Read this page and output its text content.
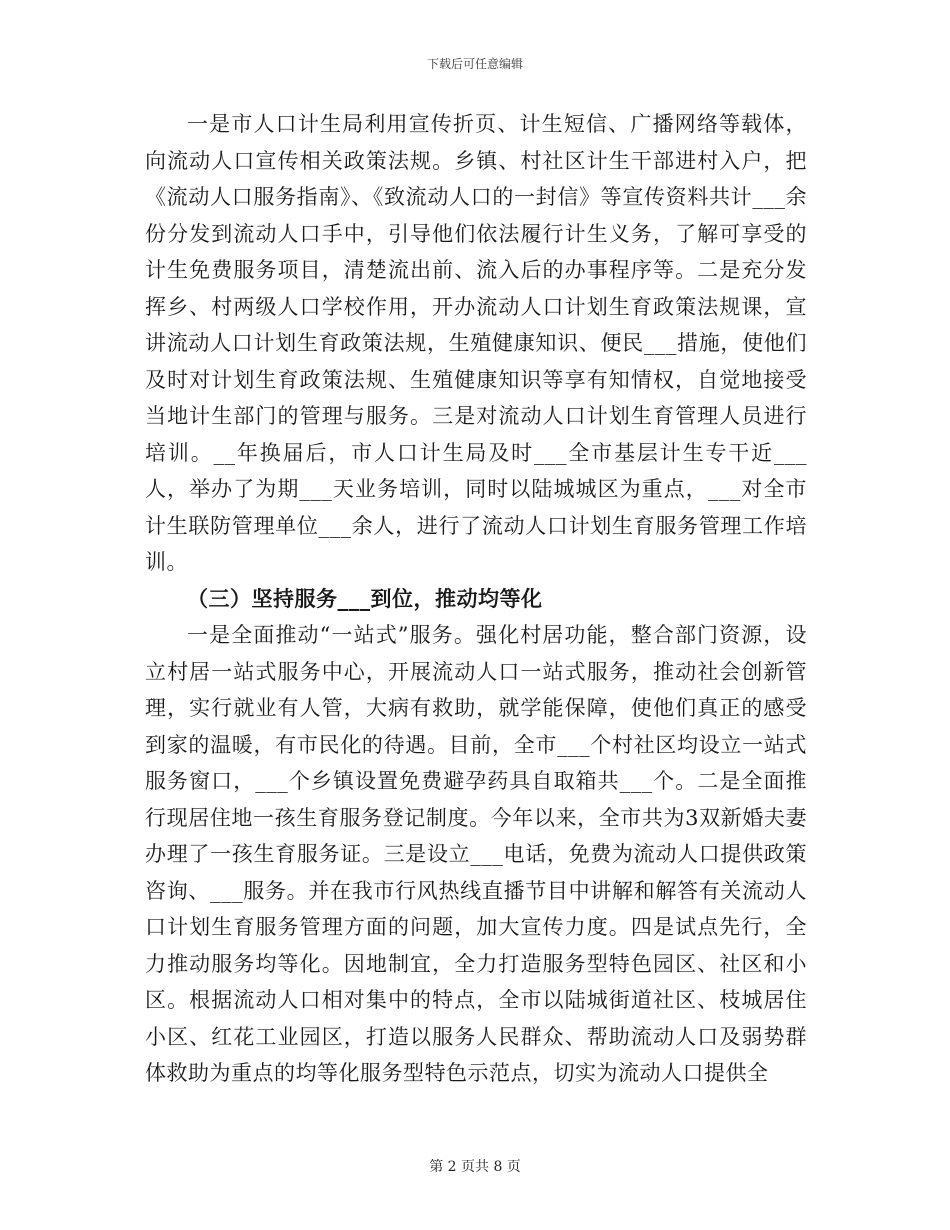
下载后可任意编辑

一是市人口计生局利用宣传折页、计生短信、广播网络等载体，向流动人口宣传相关政策法规。乡镇、村社区计生干部进村入户，把《流动人口服务指南》、《致流动人口的一封信》等宣传资料共计___余份分发到流动人口手中，引导他们依法履行计生义务，了解可享受的计生免费服务项目，清楚流出前、流入后的办事程序等。二是充分发挥乡、村两级人口学校作用，开办流动人口计划生育政策法规课，宣讲流动人口计划生育政策法规，生殖健康知识、便民___措施，使他们及时对计划生育政策法规、生殖健康知识等享有知情权，自觉地接受当地计生部门的管理与服务。三是对流动人口计划生育管理人员进行培训。__年换届后，市人口计生局及时___全市基层计生专干近___人，举办了为期___天业务培训，同时以陆城城区为重点，___对全市计生联防管理单位___余人，进行了流动人口计划生育服务管理工作培训。

（三）坚持服务___到位，推动均等化

一是全面推动“一站式”服务。强化村居功能，整合部门资源，设立村居一站式服务中心，开展流动人口一站式服务，推动社会创新管理，实行就业有人管，大病有救助，就学能保障，使他们真正的感受到家的温暖，有市民化的待遇。目前，全市___个村社区均设立一站式服务窗口，___个乡镇设置免费避孕药具自取箱共___个。二是全面推行现居住地一孩生育服务登记制度。今年以来，全市共为3双新婚夫妻办理了一孩生育服务证。三是设立___电话，免费为流动人口提供政策咨询、___服务。并在我市行风热线直播节目中讲解和解答有关流动人口计划生育服务管理方面的问题，加大宣传力度。四是试点先行，全力推动服务均等化。因地制宜，全力打造服务型特色园区、社区和小区。根据流动人口相对集中的特点，全市以陆城街道社区、枝城居住小区、红花工业园区，打造以服务人民群众、帮助流动人口及弱势群体救助为重点的均等化服务型特色示范点，切实为流动人口提供全

第 2 页共 8 页
